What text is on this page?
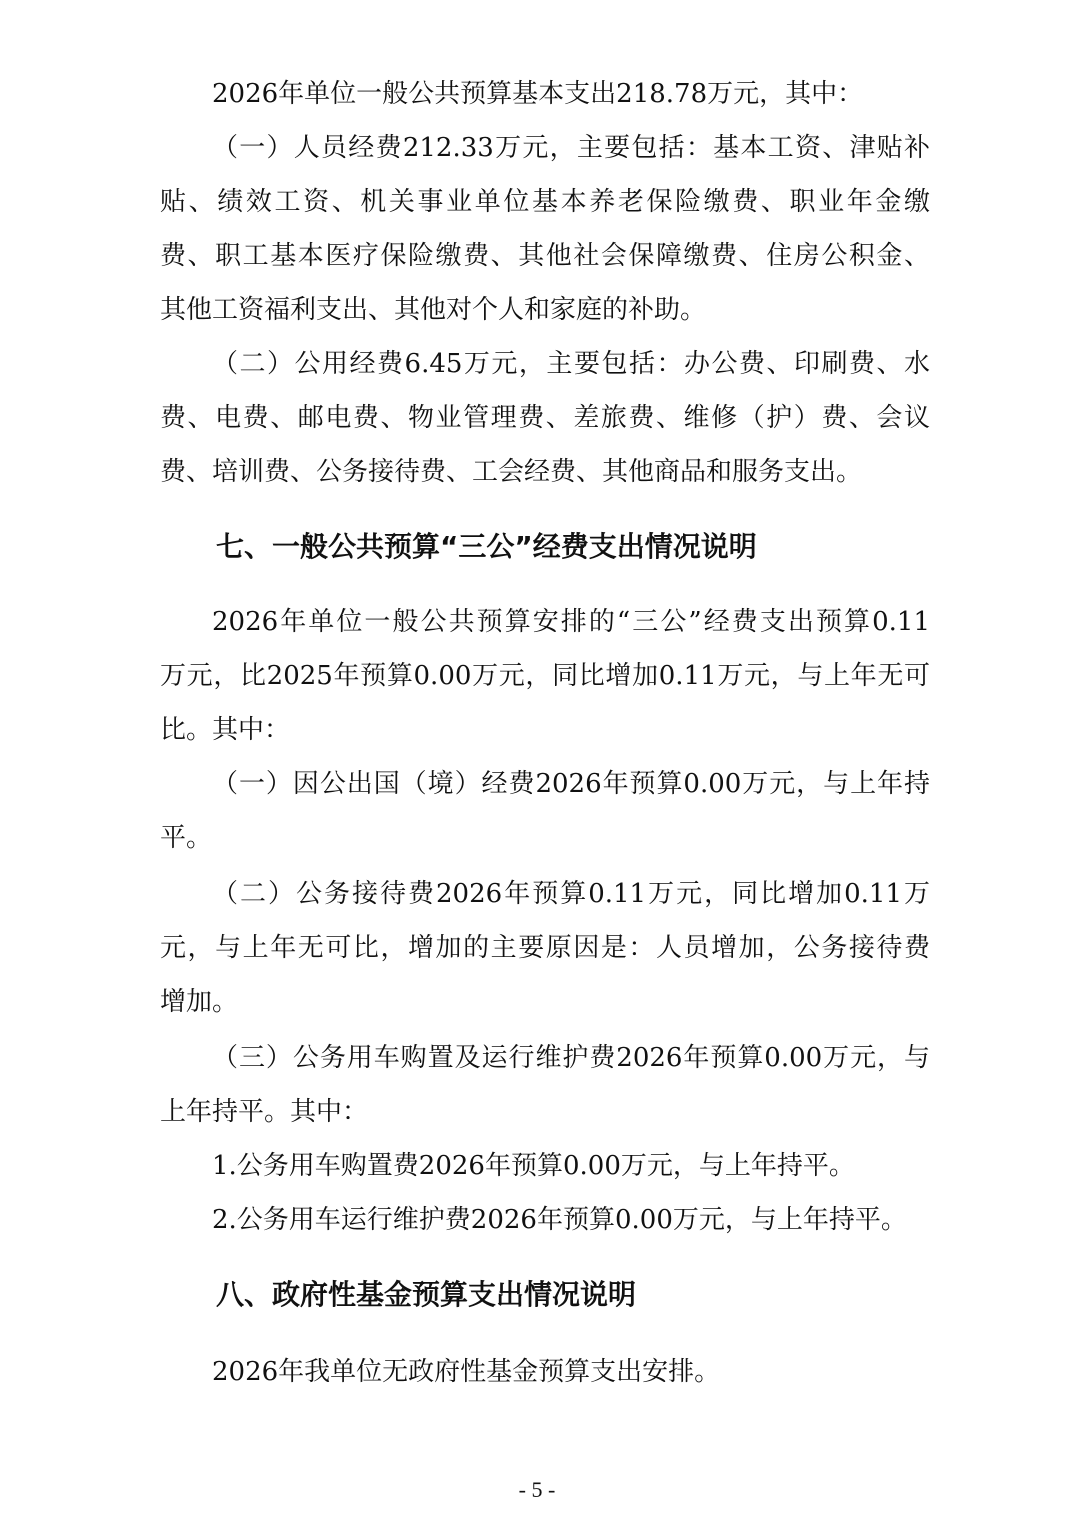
2026年单位一般公共预算基本支出218.78万元，其中：
（一）人员经费212.33万元，主要包括：基本工资、津贴补
贴、绩效工资、机关事业单位基本养老保险缴费、职业年金缴
费、职工基本医疗保险缴费、其他社会保障缴费、住房公积金、
其他工资福利支出、其他对个人和家庭的补助。
（二）公用经费6.45万元，主要包括：办公费、印刷费、水
费、电费、邮电费、物业管理费、差旅费、维修（护）费、会议
费、培训费、公务接待费、工会经费、其他商品和服务支出。
七、一般公共预算“三公”经费支出情况说明
2026年单位一般公共预算安排的“三公”经费支出预算0.11
万元，比2025年预算0.00万元，同比增加0.11万元，与上年无可
比。其中：
（一）因公出国（境）经费2026年预算0.00万元，与上年持
平。
（二）公务接待费2026年预算0.11万元，同比增加0.11万
元，与上年无可比，增加的主要原因是：人员增加，公务接待费
增加。
（三）公务用车购置及运行维护费2026年预算0.00万元，与
上年持平。其中：
1.公务用车购置费2026年预算0.00万元，与上年持平。
2.公务用车运行维护费2026年预算0.00万元，与上年持平。
八、政府性基金预算支出情况说明
2026年我单位无政府性基金预算支出安排。
- 5 -
